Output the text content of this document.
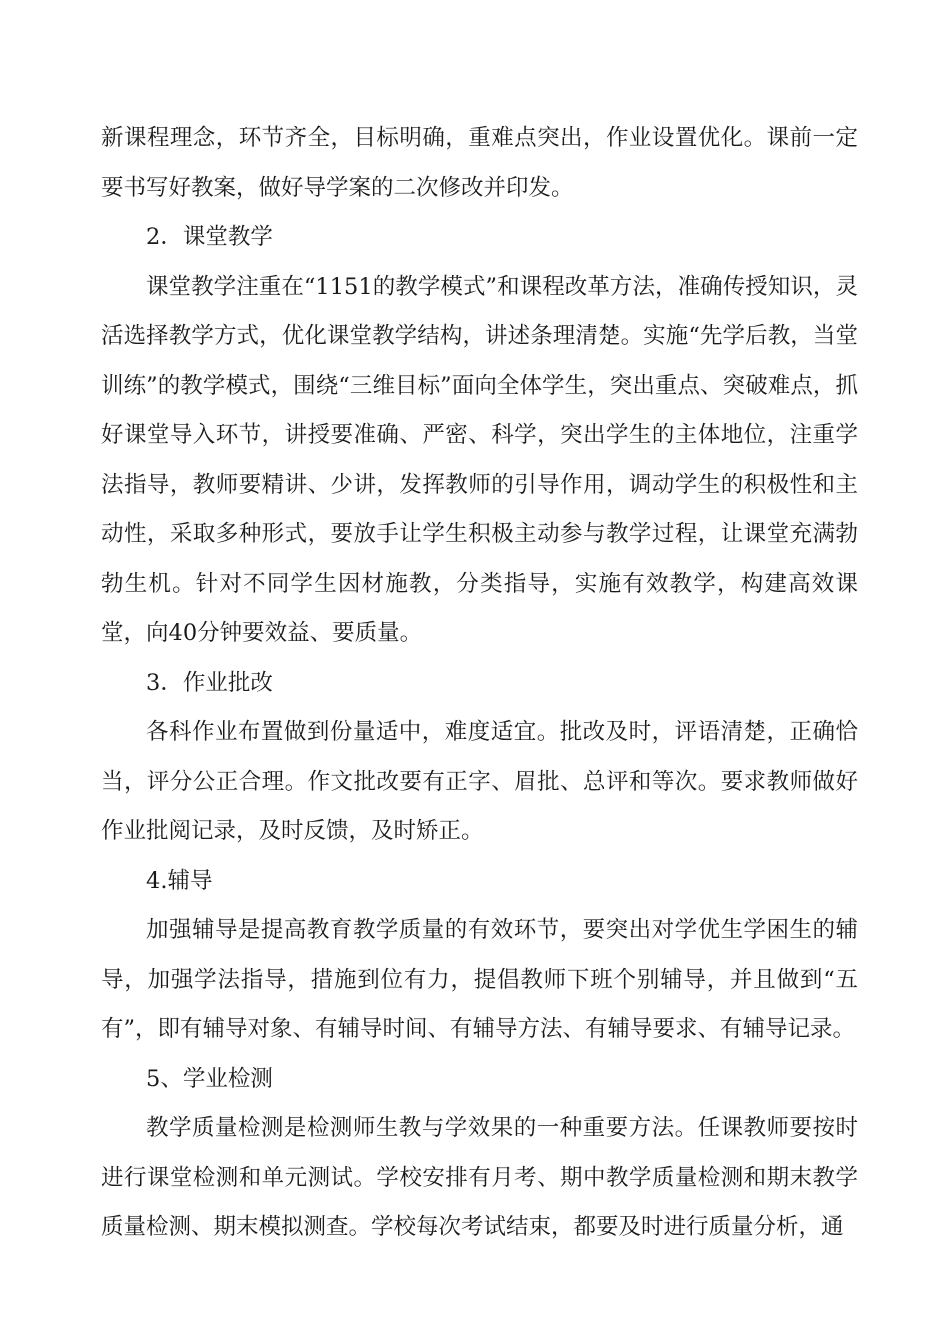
新课程理念，环节齐全，目标明确，重难点突出，作业设置优化。课前一定要书写好教案，做好导学案的二次修改并印发。

2．课堂教学

课堂教学注重在“1151的教学模式”和课程改革方法，准确传授知识，灵活选择教学方式，优化课堂教学结构，讲述条理清楚。实施“先学后教，当堂训练”的教学模式，围绕“三维目标”面向全体学生，突出重点、突破难点，抓好课堂导入环节，讲授要准确、严密、科学，突出学生的主体地位，注重学法指导，教师要精讲、少讲，发挥教师的引导作用，调动学生的积极性和主动性，采取多种形式，要放手让学生积极主动参与教学过程，让课堂充满勃勃生机。针对不同学生因材施教，分类指导，实施有效教学，构建高效课堂，向40分钟要效益、要质量。

3．作业批改

各科作业布置做到份量适中，难度适宜。批改及时，评语清楚，正确恰当，评分公正合理。作文批改要有正字、眉批、总评和等次。要求教师做好作业批阅记录，及时反馈，及时矫正。

4.辅导

加强辅导是提高教育教学质量的有效环节，要突出对学优生学困生的辅导，加强学法指导，措施到位有力，提倡教师下班个别辅导，并且做到“五有”，即有辅导对象、有辅导时间、有辅导方法、有辅导要求、有辅导记录。

5、学业检测

教学质量检测是检测师生教与学效果的一种重要方法。任课教师要按时进行课堂检测和单元测试。学校安排有月考、期中教学质量检测和期末教学质量检测、期末模拟测查。学校每次考试结束，都要及时进行质量分析，通
